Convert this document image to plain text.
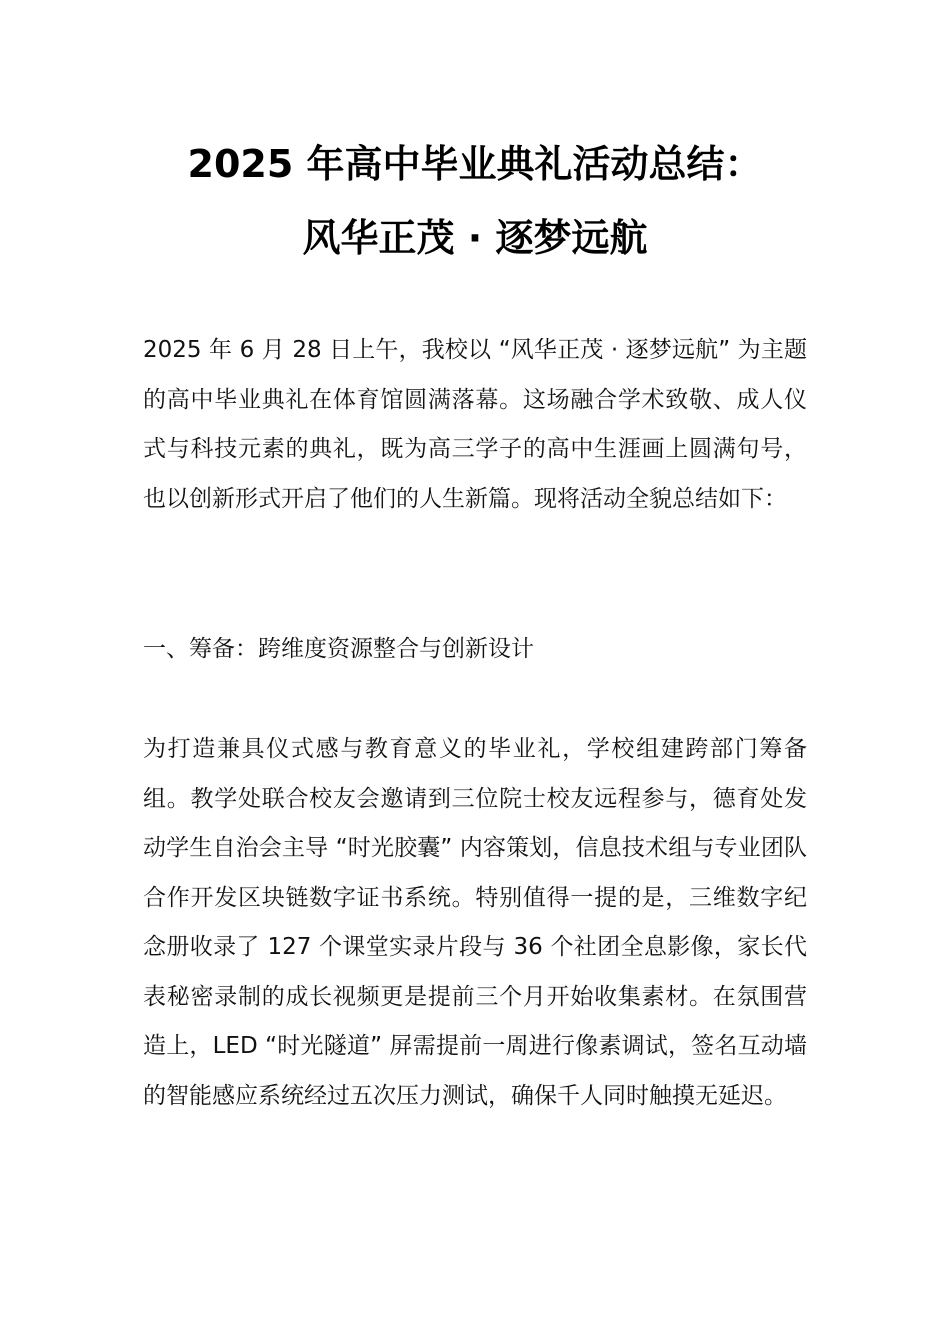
2025 年高中毕业典礼活动总结：
风华正茂 · 逐梦远航
2025 年 6 月 28 日上午，我校以 “风华正茂 · 逐梦远航” 为主题的高中毕业典礼在体育馆圆满落幕。这场融合学术致敬、成人仪式与科技元素的典礼，既为高三学子的高中生涯画上圆满句号，也以创新形式开启了他们的人生新篇。现将活动全貌总结如下：
一、筹备：跨维度资源整合与创新设计
为打造兼具仪式感与教育意义的毕业礼，学校组建跨部门筹备组。教学处联合校友会邀请到三位院士校友远程参与，德育处发动学生自治会主导 “时光胶囊” 内容策划，信息技术组与专业团队合作开发区块链数字证书系统。特别值得一提的是，三维数字纪念册收录了 127 个课堂实录片段与 36 个社团全息影像，家长代表秘密录制的成长视频更是提前三个月开始收集素材。在氛围营造上，LED “时光隧道” 屏需提前一周进行像素调试，签名互动墙的智能感应系统经过五次压力测试，确保千人同时触摸无延迟。
